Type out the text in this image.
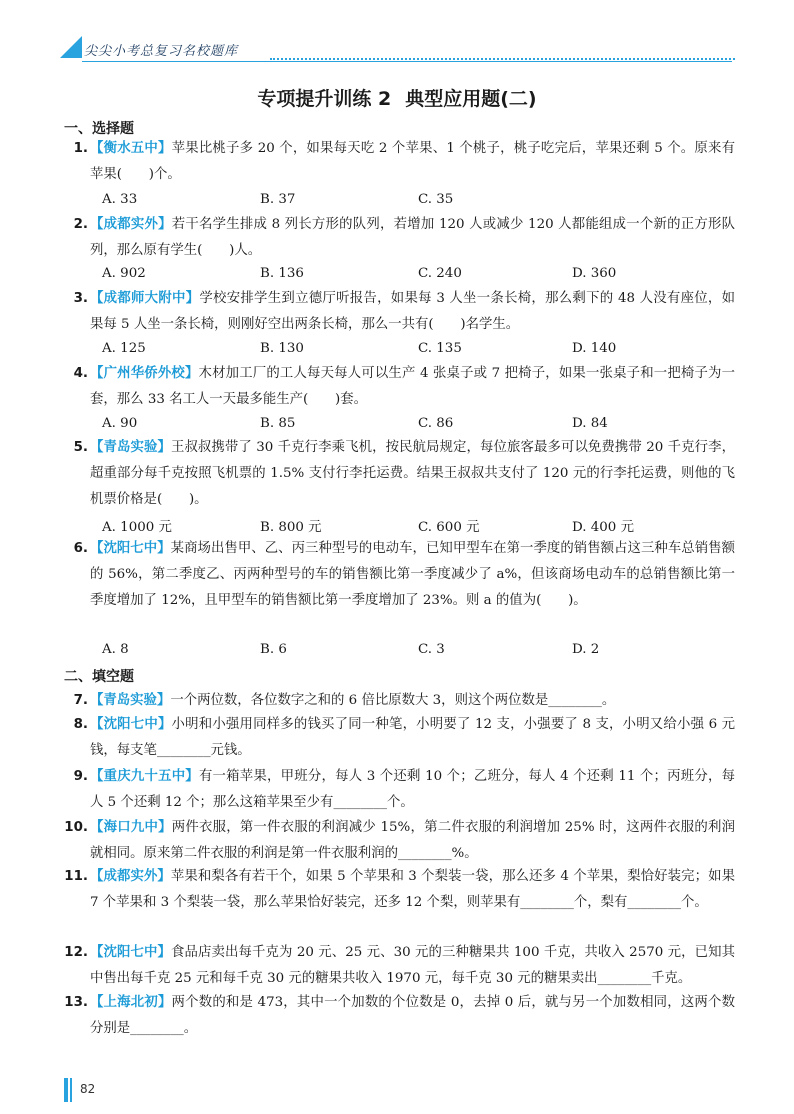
尖尖小考总复习名校题库
专项提升训练 2 典型应用题(二)
一、选择题
1. 【衡水五中】苹果比桃子多 20 个，如果每天吃 2 个苹果、1 个桃子，桃子吃完后，苹果还剩 5 个。原来有苹果(　　)个。
A. 33	B. 37	C. 35
2. 【成都实外】若干名学生排成 8 列长方形的队列，若增加 120 人或减少 120 人都能组成一个新的正方形队列，那么原有学生(　　)人。
A. 902	B. 136	C. 240	D. 360
3. 【成都师大附中】学校安排学生到立德厅听报告，如果每 3 人坐一条长椅，那么剩下的 48 人没有座位，如果每 5 人坐一条长椅，则刚好空出两条长椅，那么一共有(　　)名学生。
A. 125	B. 130	C. 135	D. 140
4. 【广州华侨外校】木材加工厂的工人每天每人可以生产 4 张桌子或 7 把椅子，如果一张桌子和一把椅子为一套，那么 33 名工人一天最多能生产(　　)套。
A. 90	B. 85	C. 86	D. 84
5. 【青岛实验】王叔叔携带了 30 千克行李乘飞机，按民航局规定，每位旅客最多可以免费携带 20 千克行李，超重部分每千克按照飞机票的 1.5% 支付行李托运费。结果王叔叔共支付了 120 元的行李托运费，则他的飞机票价格是(　　)。
A. 1000 元	B. 800 元	C. 600 元	D. 400 元
6. 【沈阳七中】某商场出售甲、乙、丙三种型号的电动车，已知甲型车在第一季度的销售额占这三种车总销售额的 56%，第二季度乙、丙两种型号的车的销售额比第一季度减少了 a%，但该商场电动车的总销售额比第一季度增加了 12%，且甲型车的销售额比第一季度增加了 23%。则 a 的值为(　　)。
A. 8	B. 6	C. 3	D. 2
二、填空题
7. 【青岛实验】一个两位数，各位数字之和的 6 倍比原数大 3，则这个两位数是________。
8. 【沈阳七中】小明和小强用同样多的钱买了同一种笔，小明要了 12 支，小强要了 8 支，小明又给小强 6 元钱，每支笔________元钱。
9. 【重庆九十五中】有一箱苹果，甲班分，每人 3 个还剩 10 个；乙班分，每人 4 个还剩 11 个；丙班分，每人 5 个还剩 12 个；那么这箱苹果至少有________个。
10. 【海口九中】两件衣服，第一件衣服的利润减少 15%，第二件衣服的利润增加 25% 时，这两件衣服的利润就相同。原来第二件衣服的利润是第一件衣服利润的________%。
11. 【成都实外】苹果和梨各有若干个，如果 5 个苹果和 3 个梨装一袋，那么还多 4 个苹果，梨恰好装完；如果 7 个苹果和 3 个梨装一袋，那么苹果恰好装完，还多 12 个梨，则苹果有________个，梨有________个。
12. 【沈阳七中】食品店卖出每千克为 20 元、25 元、30 元的三种糖果共 100 千克，共收入 2570 元，已知其中售出每千克 25 元和每千克 30 元的糖果共收入 1970 元，每千克 30 元的糖果卖出________千克。
13. 【上海北初】两个数的和是 473，其中一个加数的个位数是 0，去掉 0 后，就与另一个加数相同，这两个数分别是________。
82
